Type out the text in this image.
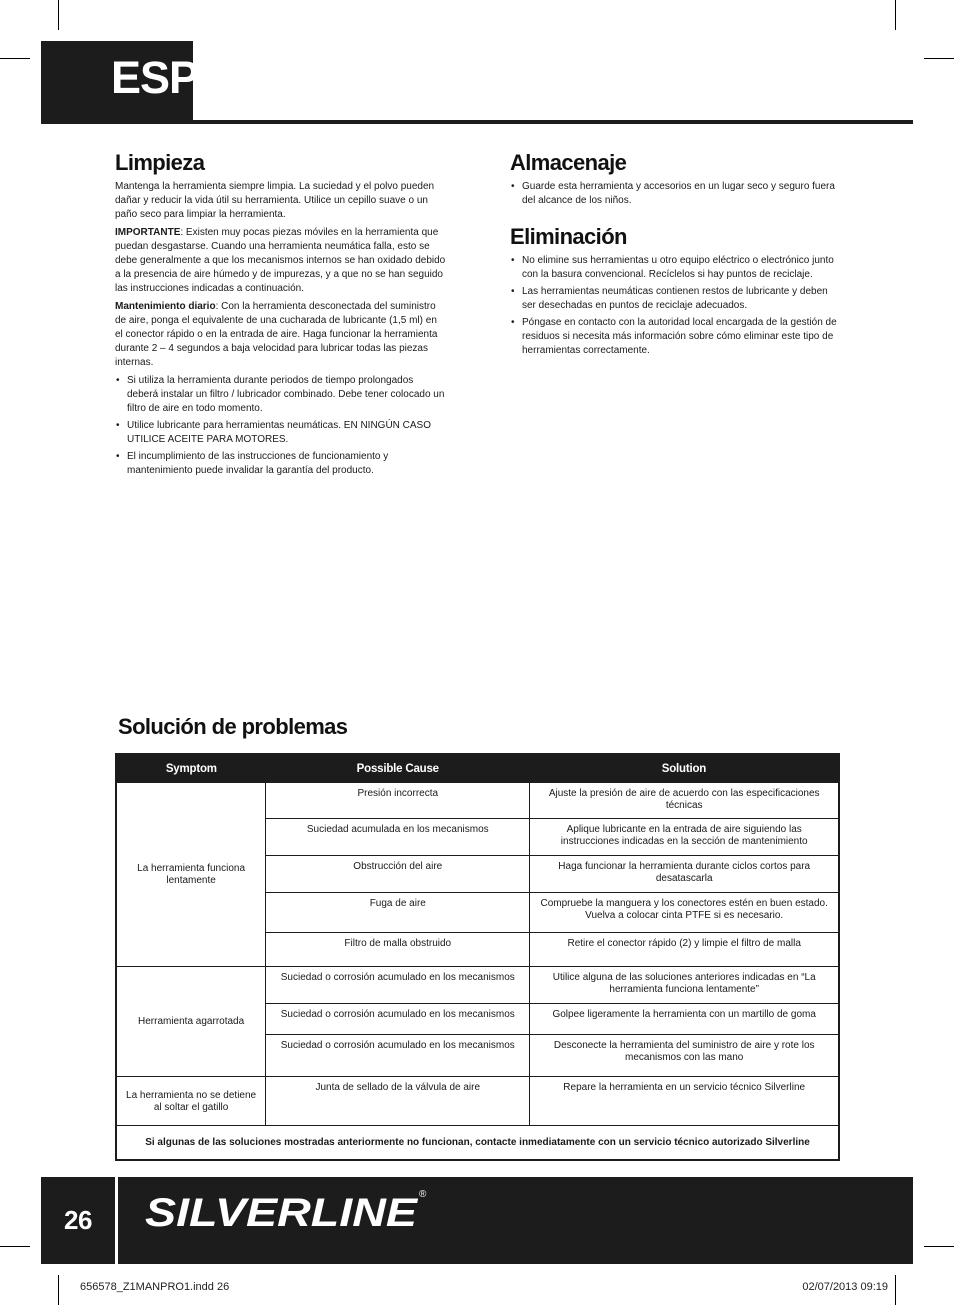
ESP
Limpieza

Mantenga la herramienta siempre limpia. La suciedad y el polvo pueden dañar y reducir la vida útil su herramienta. Utilice un cepillo suave o un paño seco para limpiar la herramienta.

IMPORTANTE: Existen muy pocas piezas móviles en la herramienta que puedan desgastarse. Cuando una herramienta neumática falla, esto se debe generalmente a que los mecanismos internos se han oxidado debido a la presencia de aire húmedo y de impurezas, y a que no se han seguido las instrucciones indicadas a continuación.

Mantenimiento diario: Con la herramienta desconectada del suministro de aire, ponga el equivalente de una cucharada de lubricante (1,5 ml) en el conector rápido o en la entrada de aire. Haga funcionar la herramienta durante 2 – 4 segundos a baja velocidad para lubricar todas las piezas internas.

• Si utiliza la herramienta durante periodos de tiempo prolongados deberá instalar un filtro / lubricador combinado. Debe tener colocado un filtro de aire en todo momento.
• Utilice lubricante para herramientas neumáticas. EN NINGÚN CASO UTILICE ACEITE PARA MOTORES.
• El incumplimiento de las instrucciones de funcionamiento y mantenimiento puede invalidar la garantía del producto.
Almacenaje
• Guarde esta herramienta y accesorios en un lugar seco y seguro fuera del alcance de los niños.
Eliminación
• No elimine sus herramientas u otro equipo eléctrico o electrónico junto con la basura convencional. Recíclelos si hay puntos de reciclaje.
• Las herramientas neumáticas contienen restos de lubricante y deben ser desechadas en puntos de reciclaje adecuados.
• Póngase en contacto con la autoridad local encargada de la gestión de residuos si necesita más información sobre cómo eliminar este tipo de herramientas correctamente.
Solución de problemas
Symptom	Possible Cause	Solution
La herramienta funciona lentamente	Presión incorrecta	Ajuste la presión de aire de acuerdo con las especificaciones técnicas
	Suciedad acumulada en los mecanismos	Aplique lubricante en la entrada de aire siguiendo las instrucciones indicadas en la sección de mantenimiento
	Obstrucción del aire	Haga funcionar la herramienta durante ciclos cortos para desatascarla
	Fuga de aire	Compruebe la manguera y los conectores estén en buen estado. Vuelva a colocar cinta PTFE si es necesario.
	Filtro de malla obstruido	Retire el conector rápido (2) y limpie el filtro de malla
Herramienta agarrotada	Suciedad o corrosión acumulado en los mecanismos	Utilice alguna de las soluciones anteriores indicadas en “La herramienta funciona lentamente”
	Suciedad o corrosión acumulado en los mecanismos	Golpee ligeramente la herramienta con un martillo de goma
	Suciedad o corrosión acumulado en los mecanismos	Desconecte la herramienta del suministro de aire y rote los mecanismos con las mano
La herramienta no se detiene al soltar el gatillo	Junta de sellado de la válvula de aire	Repare la herramienta en un servicio técnico Silverline
Si algunas de las soluciones mostradas anteriormente no funcionan, contacte inmediatamente con un servicio técnico autorizado Silverline		
26	SILVERLINE ®
656578_Z1MANPRO1.indd 26	02/07/2013 09:19
